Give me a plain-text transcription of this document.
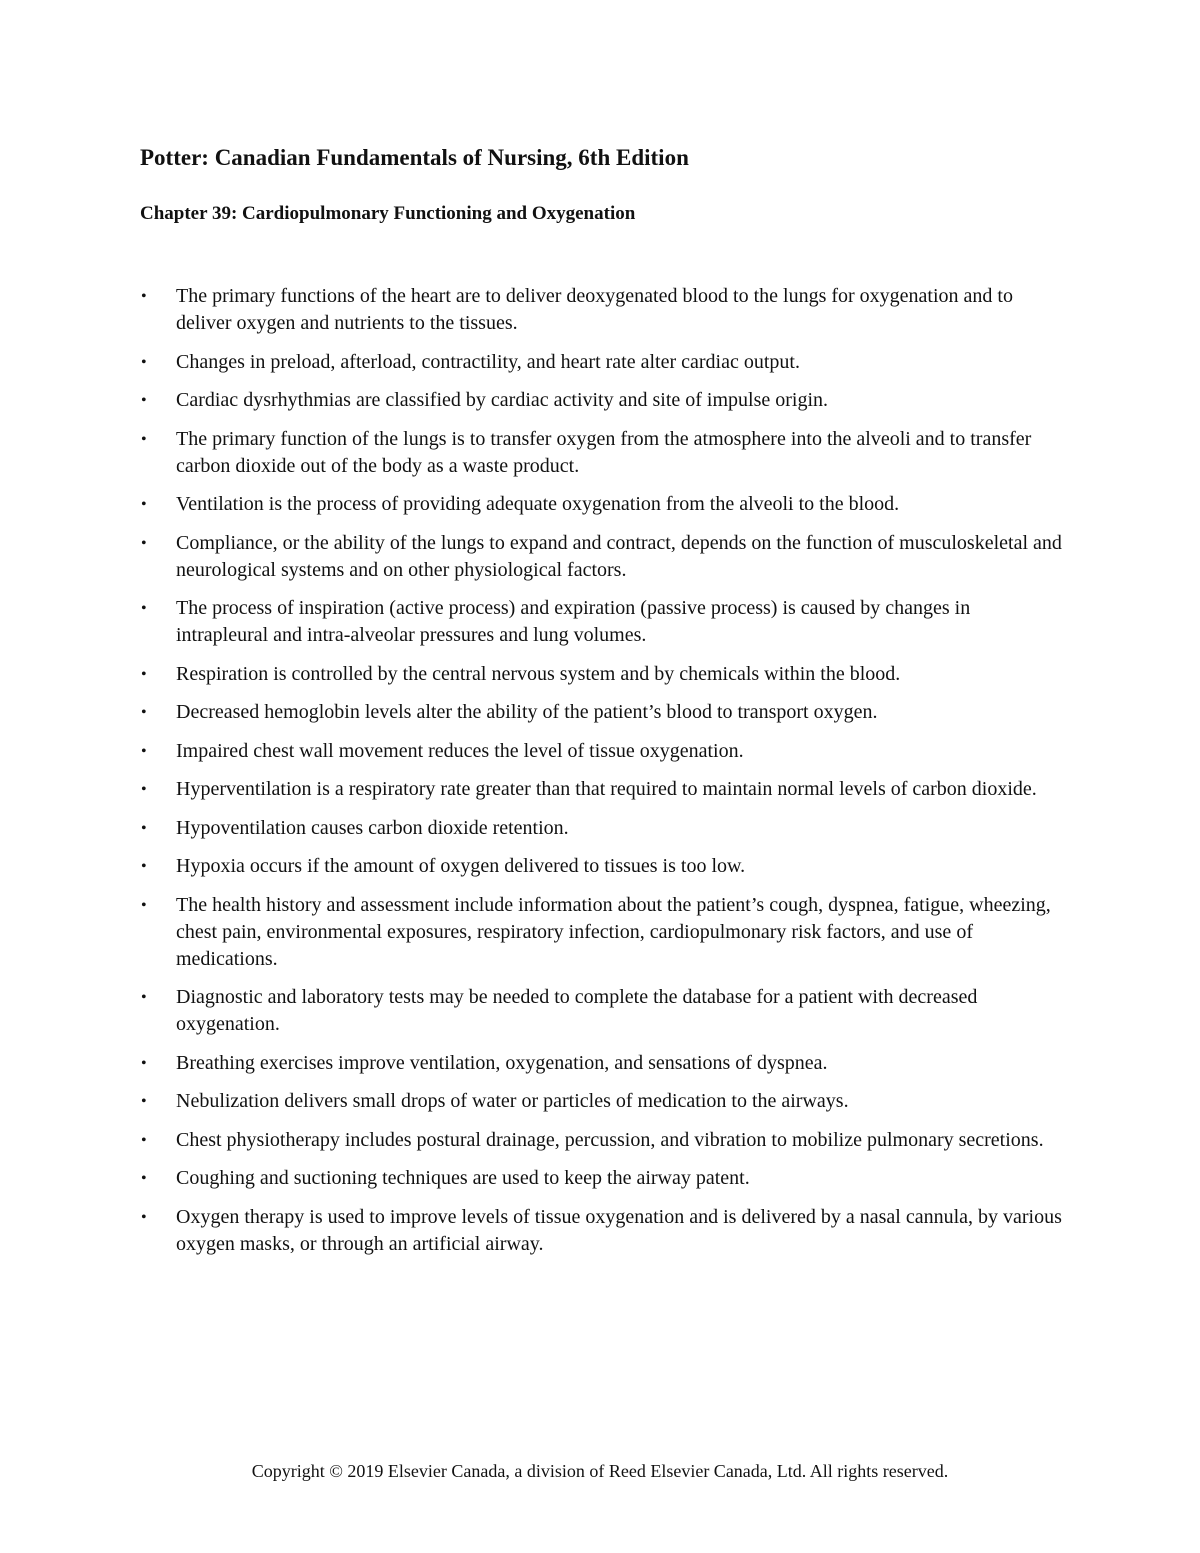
Potter: Canadian Fundamentals of Nursing, 6th Edition
Chapter 39: Cardiopulmonary Functioning and Oxygenation
• The primary functions of the heart are to deliver deoxygenated blood to the lungs for oxygenation and to deliver oxygen and nutrients to the tissues.
• Changes in preload, afterload, contractility, and heart rate alter cardiac output.
• Cardiac dysrhythmias are classified by cardiac activity and site of impulse origin.
• The primary function of the lungs is to transfer oxygen from the atmosphere into the alveoli and to transfer carbon dioxide out of the body as a waste product.
• Ventilation is the process of providing adequate oxygenation from the alveoli to the blood.
• Compliance, or the ability of the lungs to expand and contract, depends on the function of musculoskeletal and neurological systems and on other physiological factors.
• The process of inspiration (active process) and expiration (passive process) is caused by changes in intrapleural and intra-alveolar pressures and lung volumes.
• Respiration is controlled by the central nervous system and by chemicals within the blood.
• Decreased hemoglobin levels alter the ability of the patient’s blood to transport oxygen.
• Impaired chest wall movement reduces the level of tissue oxygenation.
• Hyperventilation is a respiratory rate greater than that required to maintain normal levels of carbon dioxide.
• Hypoventilation causes carbon dioxide retention.
• Hypoxia occurs if the amount of oxygen delivered to tissues is too low.
• The health history and assessment include information about the patient’s cough, dyspnea, fatigue, wheezing, chest pain, environmental exposures, respiratory infection, cardiopulmonary risk factors, and use of medications.
• Diagnostic and laboratory tests may be needed to complete the database for a patient with decreased oxygenation.
• Breathing exercises improve ventilation, oxygenation, and sensations of dyspnea.
• Nebulization delivers small drops of water or particles of medication to the airways.
• Chest physiotherapy includes postural drainage, percussion, and vibration to mobilize pulmonary secretions.
• Coughing and suctioning techniques are used to keep the airway patent.
• Oxygen therapy is used to improve levels of tissue oxygenation and is delivered by a nasal cannula, by various oxygen masks, or through an artificial airway.

Copyright © 2019 Elsevier Canada, a division of Reed Elsevier Canada, Ltd. All rights reserved.
